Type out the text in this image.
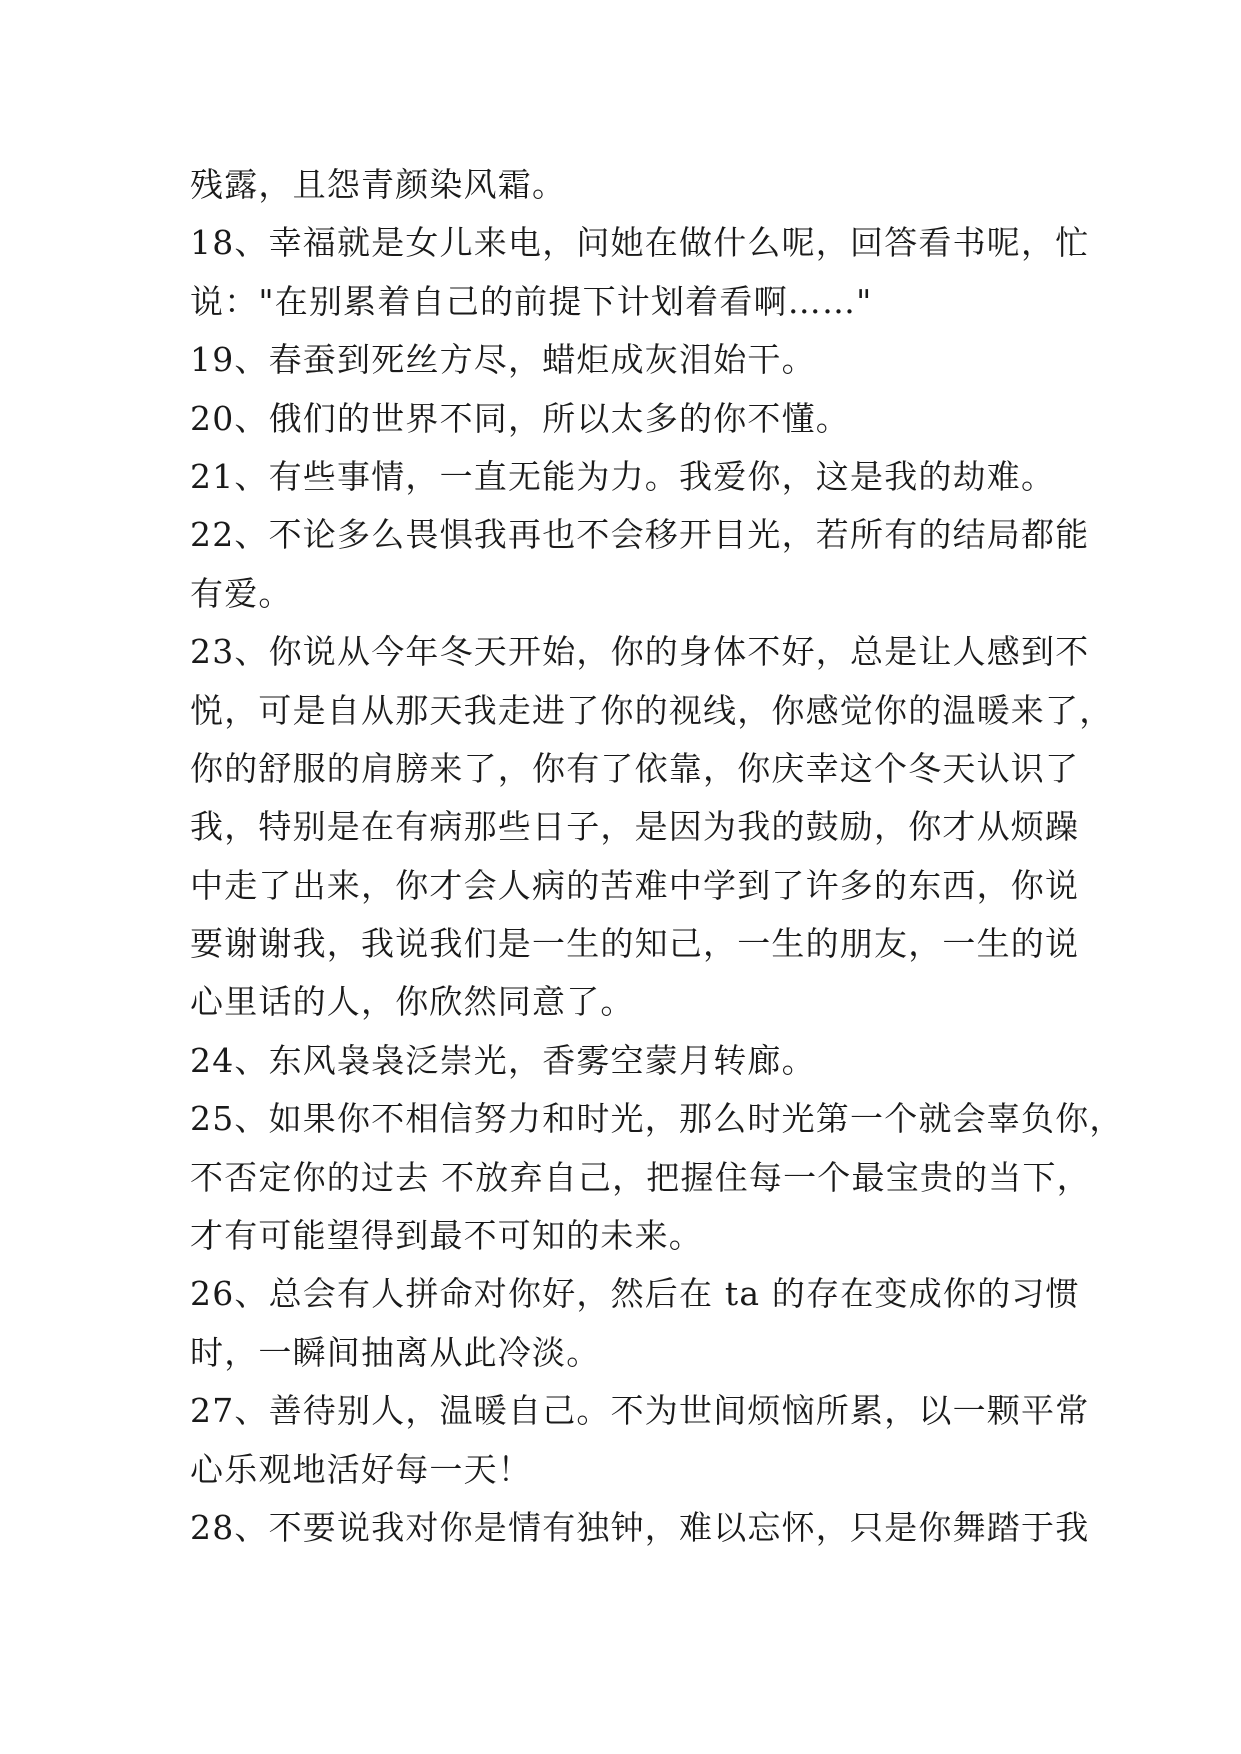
残露，且怨青颜染风霜。
18、幸福就是女儿来电，问她在做什么呢，回答看书呢，忙
说："在别累着自己的前提下计划着看啊……"
19、春蚕到死丝方尽，蜡炬成灰泪始干。
20、俄们的世界不同，所以太多的你不懂。
21、有些事情，一直无能为力。我爱你，这是我的劫难。
22、不论多么畏惧我再也不会移开目光，若所有的结局都能
有爱。
23、你说从今年冬天开始，你的身体不好，总是让人感到不
悦，可是自从那天我走进了你的视线，你感觉你的温暖来了，
你的舒服的肩膀来了，你有了依靠，你庆幸这个冬天认识了
我，特别是在有病那些日子，是因为我的鼓励，你才从烦躁
中走了出来，你才会人病的苦难中学到了许多的东西，你说
要谢谢我，我说我们是一生的知己，一生的朋友，一生的说
心里话的人，你欣然同意了。
24、东风袅袅泛崇光，香雾空蒙月转廊。
25、如果你不相信努力和时光，那么时光第一个就会辜负你，
不否定你的过去 不放弃自己，把握住每一个最宝贵的当下，
才有可能望得到最不可知的未来。
26、总会有人拼命对你好，然后在 ta 的存在变成你的习惯
时，一瞬间抽离从此冷淡。
27、善待别人，温暖自己。不为世间烦恼所累，以一颗平常
心乐观地活好每一天！
28、不要说我对你是情有独钟，难以忘怀，只是你舞踏于我
